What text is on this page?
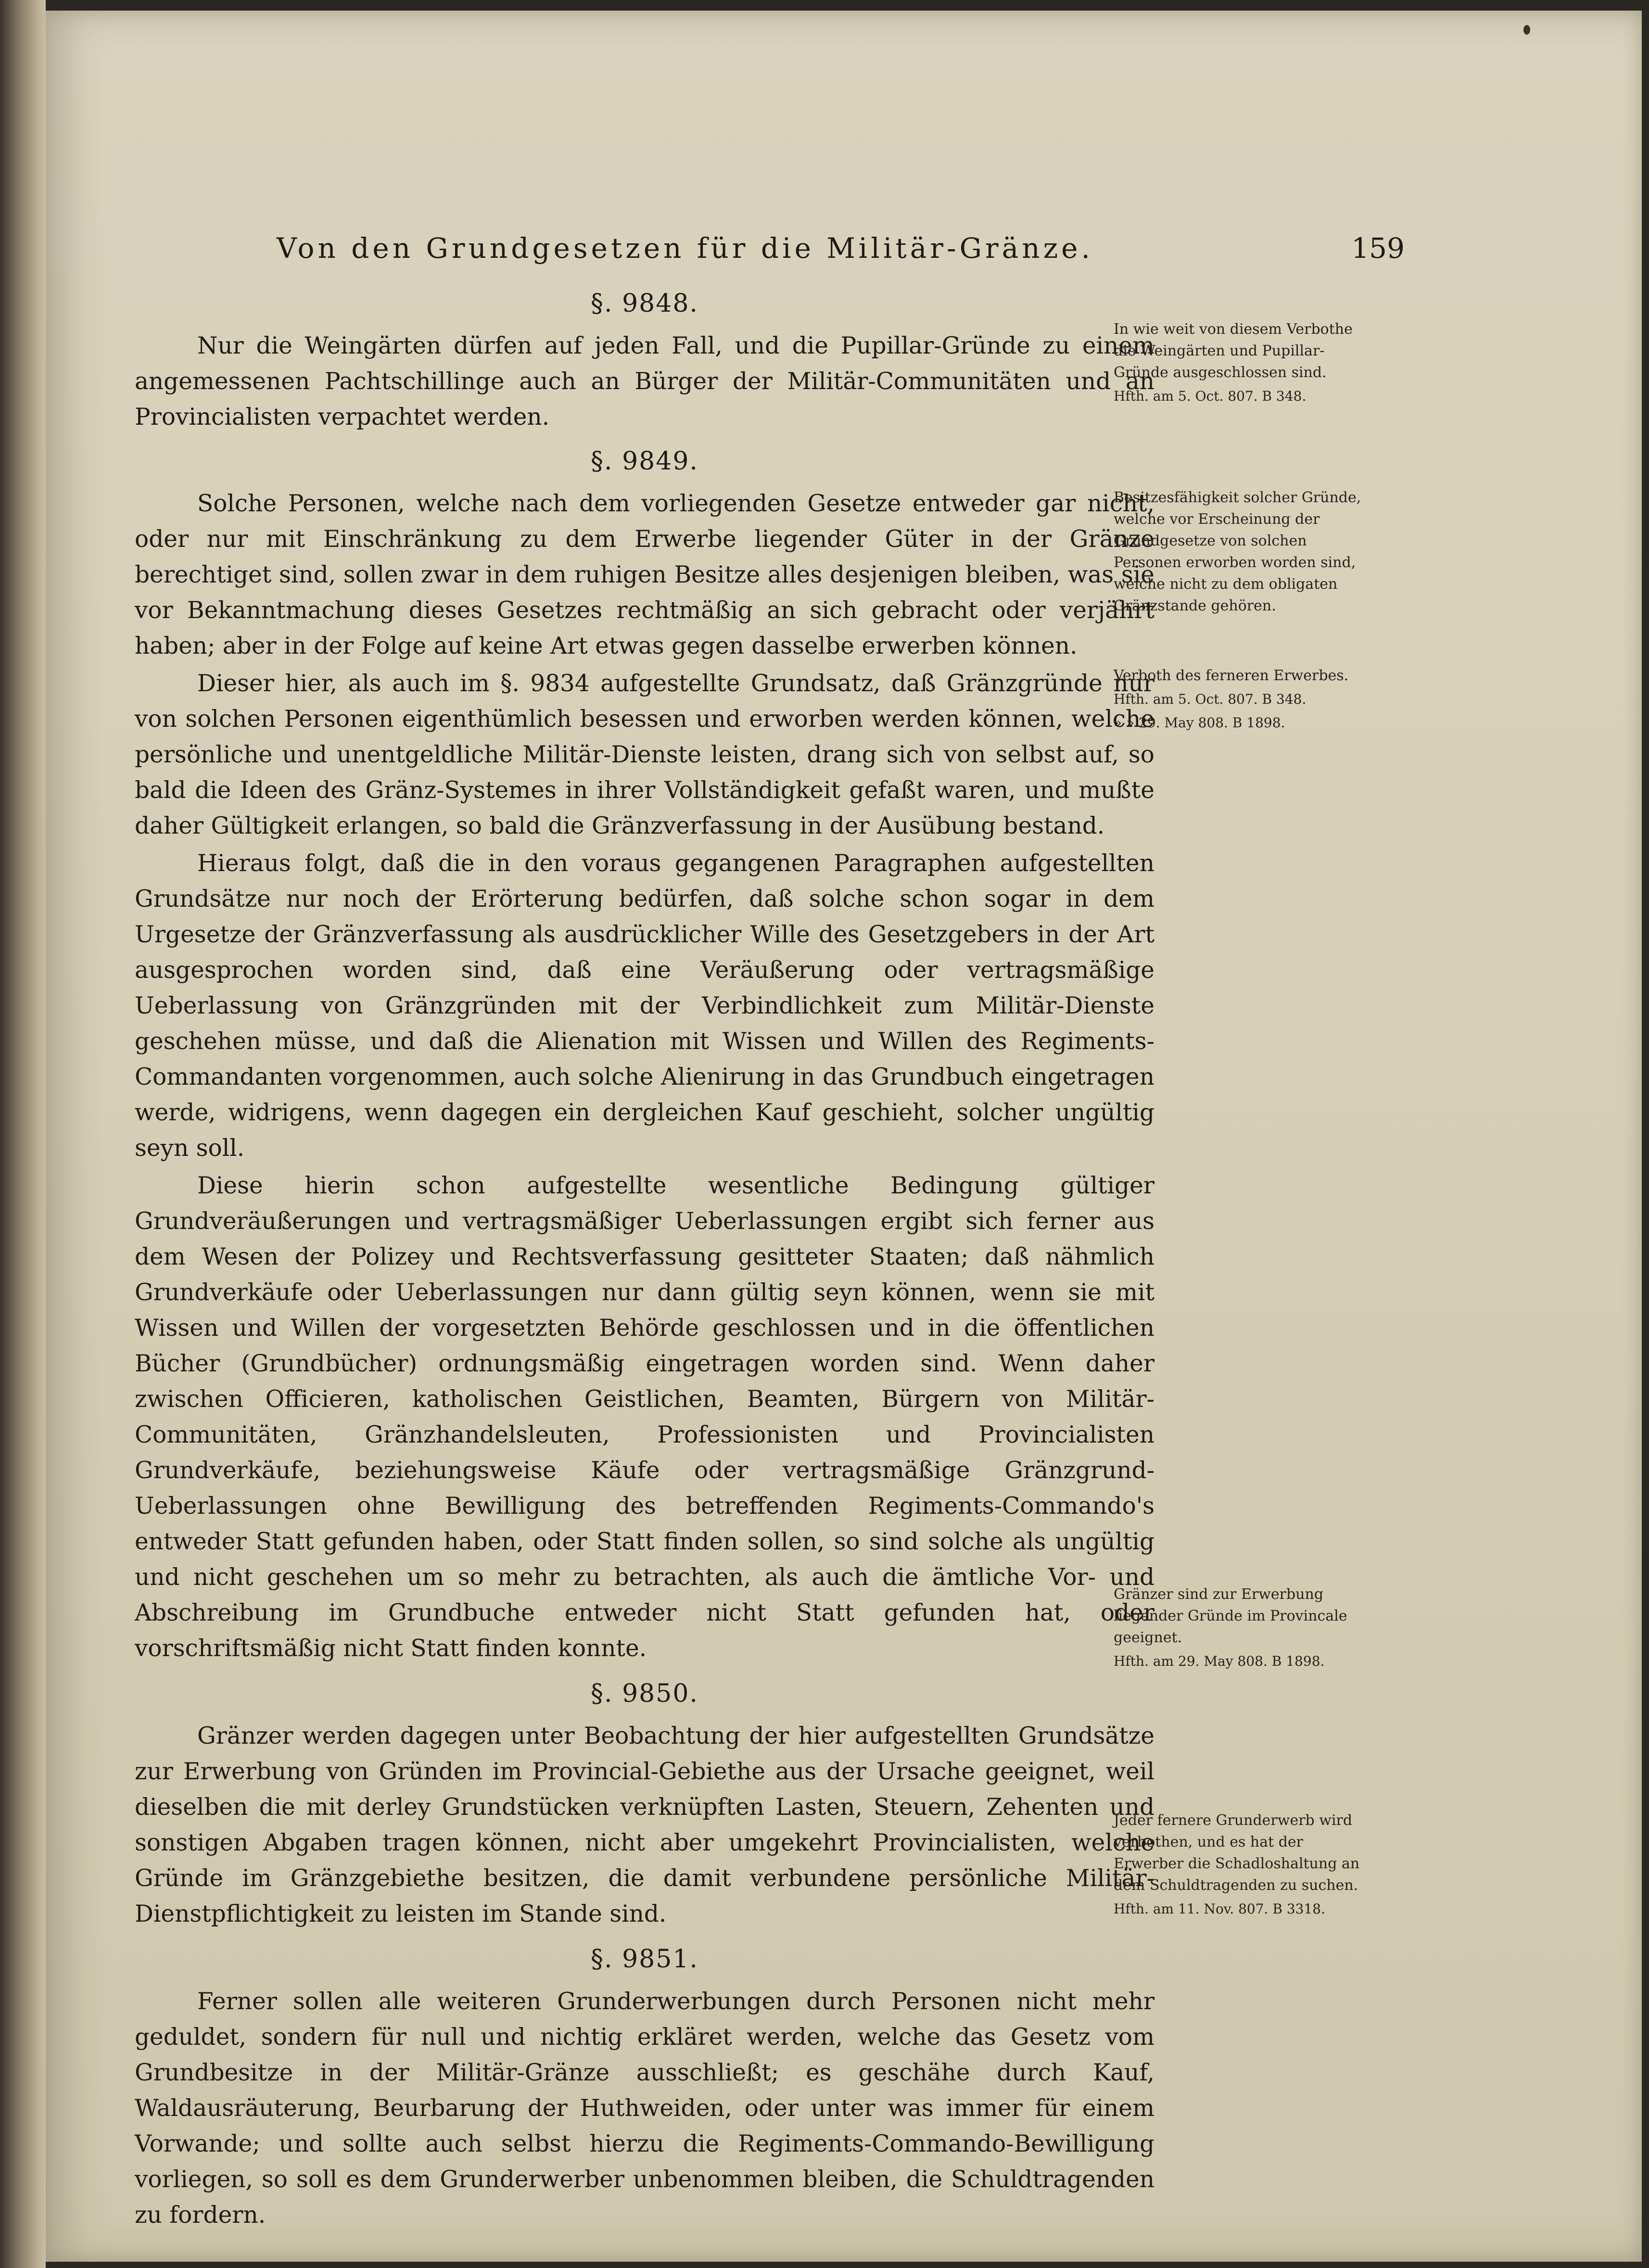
Von den Grundgesetzen für die Militär-Gränze.	159
§. 9848.

Nur die Weingärten dürfen auf jeden Fall, und die Pupillar-Gründe zu einem angemessenen Pachtschillinge auch an Bürger der Militär-Communitäten und an Provincialisten verpachtet werden.

§. 9849.

Solche Personen, welche nach dem vorliegenden Gesetze entweder gar nicht, oder nur mit Einschränkung zu dem Erwerbe liegender Güter in der Gränze berechtiget sind, sollen zwar in dem ruhigen Besitze alles desjenigen bleiben, was sie vor Bekanntmachung dieses Gesetzes rechtmäßig an sich gebracht oder verjährt haben; aber in der Folge auf keine Art etwas gegen dasselbe erwerben können.

Dieser hier, als auch im §. 9834 aufgestellte Grundsatz, daß Gränzgründe nur von solchen Personen eigenthümlich besessen und erworben werden können, welche persönliche und unentgeldliche Militär-Dienste leisten, drang sich von selbst auf, so bald die Ideen des Gränz-Systemes in ihrer Vollständigkeit gefaßt waren, und mußte daher Gültigkeit erlangen, so bald die Gränzverfassung in der Ausübung bestand.

Hieraus folgt, daß die in den voraus gegangenen Paragraphen aufgestellten Grundsätze nur noch der Erörterung bedürfen, daß solche schon sogar in dem Urgesetze der Gränzverfassung als ausdrücklicher Wille des Gesetzgebers in der Art ausgesprochen worden sind, daß eine Veräußerung oder vertragsmäßige Ueberlassung von Gränzgründen mit der Verbindlichkeit zum Militär-Dienste geschehen müsse, und daß die Alienation mit Wissen und Willen des Regiments-Commandanten vorgenommen, auch solche Alienirung in das Grundbuch eingetragen werde, widrigens, wenn dagegen ein dergleichen Kauf geschieht, solcher ungültig seyn soll.

Diese hierin schon aufgestellte wesentliche Bedingung gültiger Grundveräußerungen und vertragsmäßiger Ueberlassungen ergibt sich ferner aus dem Wesen der Polizey und Rechtsverfassung gesitteter Staaten; daß nähmlich Grundverkäufe oder Ueberlassungen nur dann gültig seyn können, wenn sie mit Wissen und Willen der vorgesetzten Behörde geschlossen und in die öffentlichen Bücher (Grundbücher) ordnungsmäßig eingetragen worden sind. Wenn daher zwischen Officieren, katholischen Geistlichen, Beamten, Bürgern von Militär-Communitäten, Gränzhandelsleuten, Professionisten und Provincialisten Grundverkäufe, beziehungsweise Käufe oder vertragsmäßige Gränzgrund-Ueberlassungen ohne Bewilligung des betreffenden Regiments-Commando's entweder Statt gefunden haben, oder Statt finden sollen, so sind solche als ungültig und nicht geschehen um so mehr zu betrachten, als auch die ämtliche Vor- und Abschreibung im Grundbuche entweder nicht Statt gefunden hat, oder vorschriftsmäßig nicht Statt finden konnte.

§. 9850.

Gränzer werden dagegen unter Beobachtung der hier aufgestellten Grundsätze zur Erwerbung von Gründen im Provincial-Gebiethe aus der Ursache geeignet, weil dieselben die mit derley Grundstücken verknüpften Lasten, Steuern, Zehenten und sonstigen Abgaben tragen können, nicht aber umgekehrt Provincialisten, welche Gründe im Gränzgebiethe besitzen, die damit verbundene persönliche Militär-Dienstpflichtigkeit zu leisten im Stande sind.

§. 9851.

Ferner sollen alle weiteren Grunderwerbungen durch Personen nicht mehr geduldet, sondern für null und nichtig erkläret werden, welche das Gesetz vom Grundbesitze in der Militär-Gränze ausschließt; es geschähe durch Kauf, Waldausräuterung, Beurbarung der Huthweiden, oder unter was immer für einem Vorwande; und sollte auch selbst hierzu die Regiments-Commando-Bewilligung vorliegen, so soll es dem Grunderwerber unbenommen bleiben, die Schuldtragenden zu fordern.

In wie weit von diesem Verbothe die Weingärten und Pupillar-Gründe ausgeschlossen sind.
Hfth. am 5. Oct. 807. B 348.
Besitzesfähigkeit solcher Gründe, welche vor Erscheinung der Grundgesetze von solchen Personen erworben worden sind, welche nicht zu dem obligaten Gränzstande gehören.
Verboth des ferneren Erwerbes.
Hfth. am 5. Oct. 807. B 348.
» » 29. May 808. B 1898.
Gränzer sind zur Erwerbung liegender Gründe im Provincale geeignet.
Hfth. am 29. May 808. B 1898.
Jeder fernere Grunderwerb wird verbothen, und es hat der Erwerber die Schadloshaltung an dem Schuldtragenden zu suchen.
Hfth. am 11. Nov. 807. B 3318.
